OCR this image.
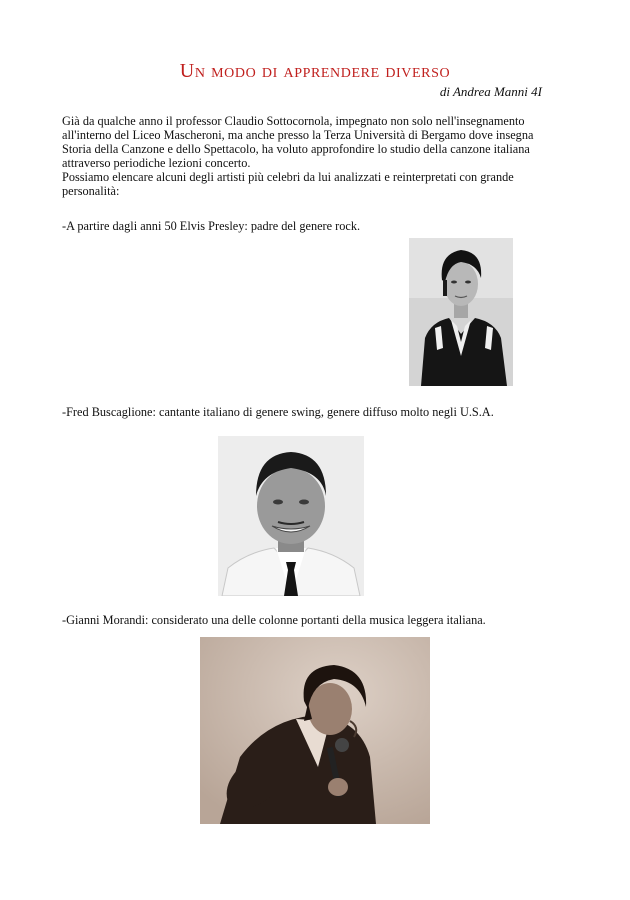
Un modo di apprendere diverso
di Andrea Manni 4I

Già da qualche anno il professor Claudio Sottocornola, impegnato non solo nell'insegnamento all'interno del Liceo Mascheroni, ma anche presso la Terza Università di Bergamo dove insegna Storia della Canzone e dello Spettacolo, ha voluto approfondire lo studio della canzone italiana attraverso periodiche lezioni concerto.

Possiamo elencare alcuni degli artisti più celebri da lui analizzati e reinterpretati con grande personalità:

-A partire dagli anni 50 Elvis Presley: padre del genere rock.
-Fred Buscaglione: cantante italiano di genere swing, genere diffuso molto negli U.S.A.
-Gianni Morandi: considerato una delle colonne portanti della musica leggera italiana.
